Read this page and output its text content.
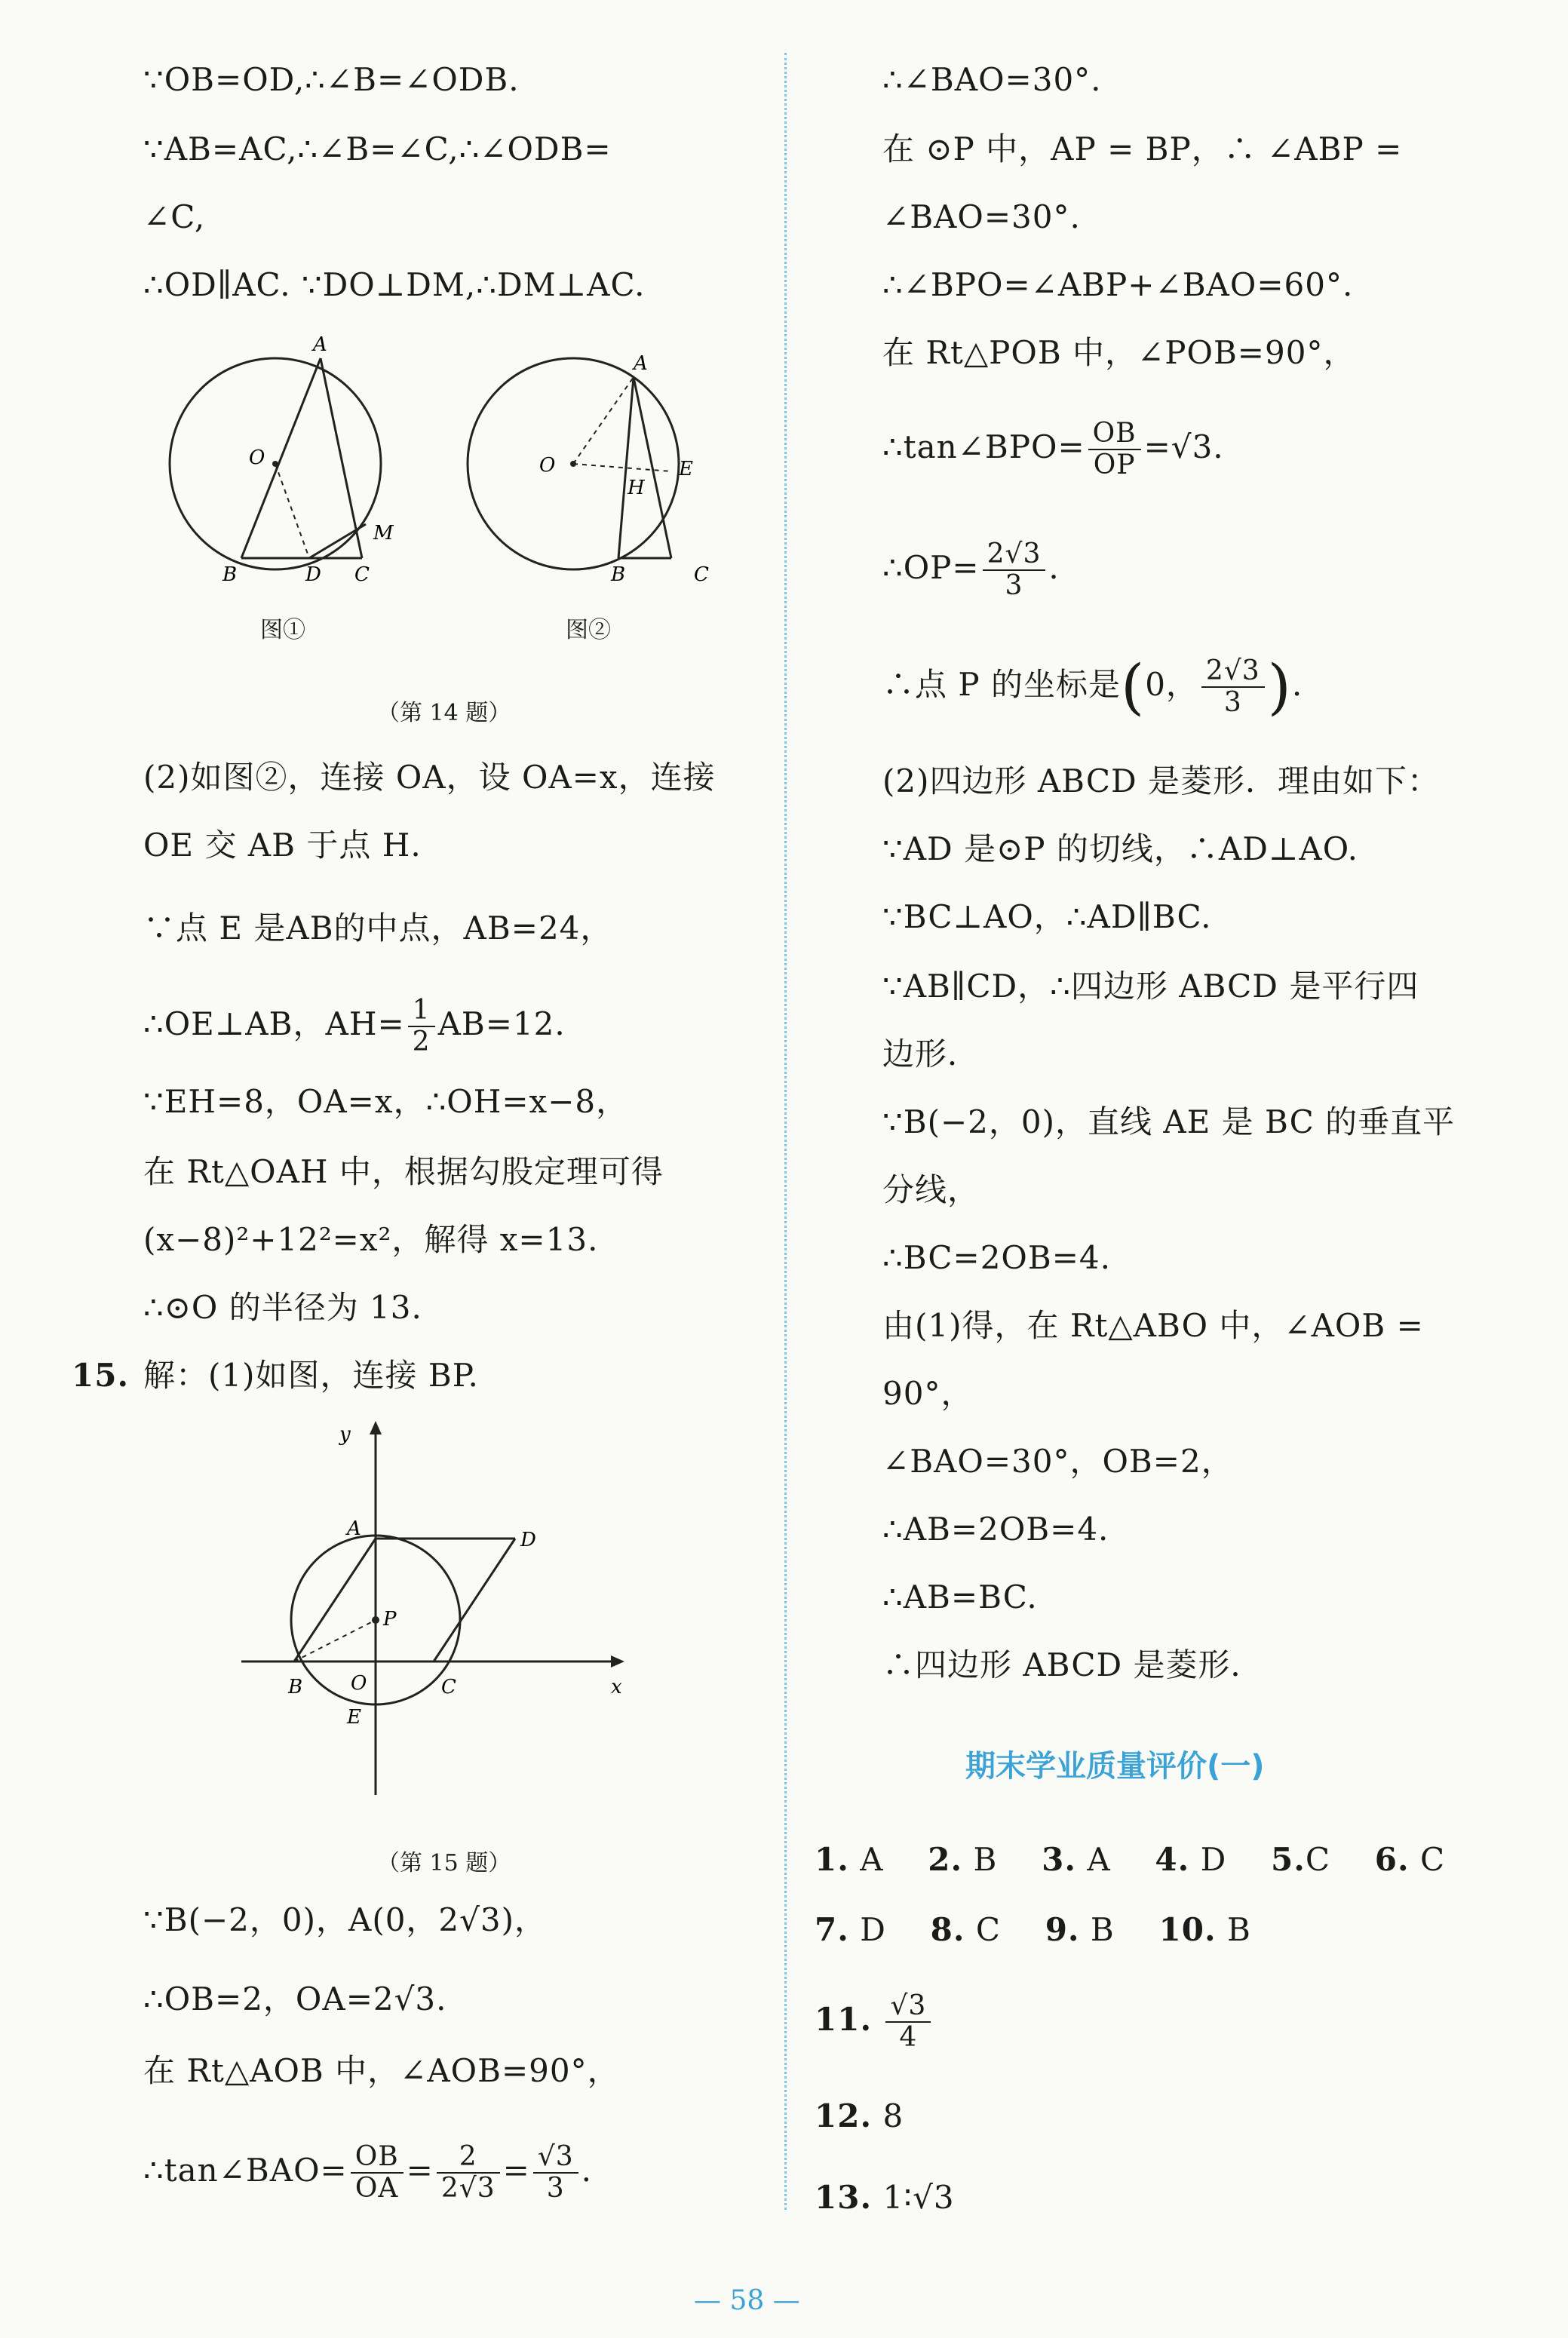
∵OB=OD,∴∠B=∠ODB.
∵AB=AC,∴∠B=∠C,∴∠ODB=
∠C,
∴OD∥AC. ∵DO⊥DM,∴DM⊥AC.
A
O
M
B	D C
A
O	E
H
B	C
图①	图②
（第 14 题）
(2)如图②，连接 OA，设 OA=x，连接
OE 交 AB 于点 H.
∵点 E 是AB的中点，AB=24，
∴OE⊥AB，$AH= \frac{1}{2} AB=12$.
∵EH=8，OA=x，∴OH=x−8，
在 Rt△OAH 中，根据勾股定理可得
(x−8)²+12²=x²，解得 x=13.
∴⊙O 的半径为 13.
15. 解：(1)如图，连接 BP.
y
A	D
P
B O	C	x
E
（第 15 题）
∵B(−2，0)，A(0，2√3)，
∴OB=2，OA=2√3.
在 Rt△AOB 中，∠AOB=90°，
∴tan∠BAO= $\frac{OB}{OA} = \frac{2}{2√3} = \frac{√3}{3}$ .
∴∠BAO=30°.
在 ⊙P 中，AP = BP，∴ ∠ABP =
∠BAO=30°.
∴∠BPO=∠ABP+∠BAO=60°.
在 Rt△POB 中，∠POB=90°，
∴tan∠BPO= $\frac{OB}{OP} =√3$.
∴OP= $\frac{2√3}{3}$ .
∴点 P 的坐标是(0， $\frac{2√3}{3}$ ).
(2)四边形 ABCD 是菱形．理由如下：
∵AD 是⊙P 的切线，∴AD⊥AO.
∵BC⊥AO，∴AD∥BC.
∵AB∥CD，∴四边形 ABCD 是平行四
边形．
∵B(−2，0)，直线 AE 是 BC 的垂直平
分线，
∴BC=2OB=4.
由(1)得，在 Rt△ABO 中，∠AOB =
90°，
∠BAO=30°，OB=2，
∴AB=2OB=4.
∴AB=BC.
∴四边形 ABCD 是菱形．
期末学业质量评价(一)
1. A 2. B 3. A 4. D 5.C 6. C
7. D 8. C 9. B 10. B
11. $\frac{√3}{4}$
12. 8
13. 1∶√3
— 58 —
